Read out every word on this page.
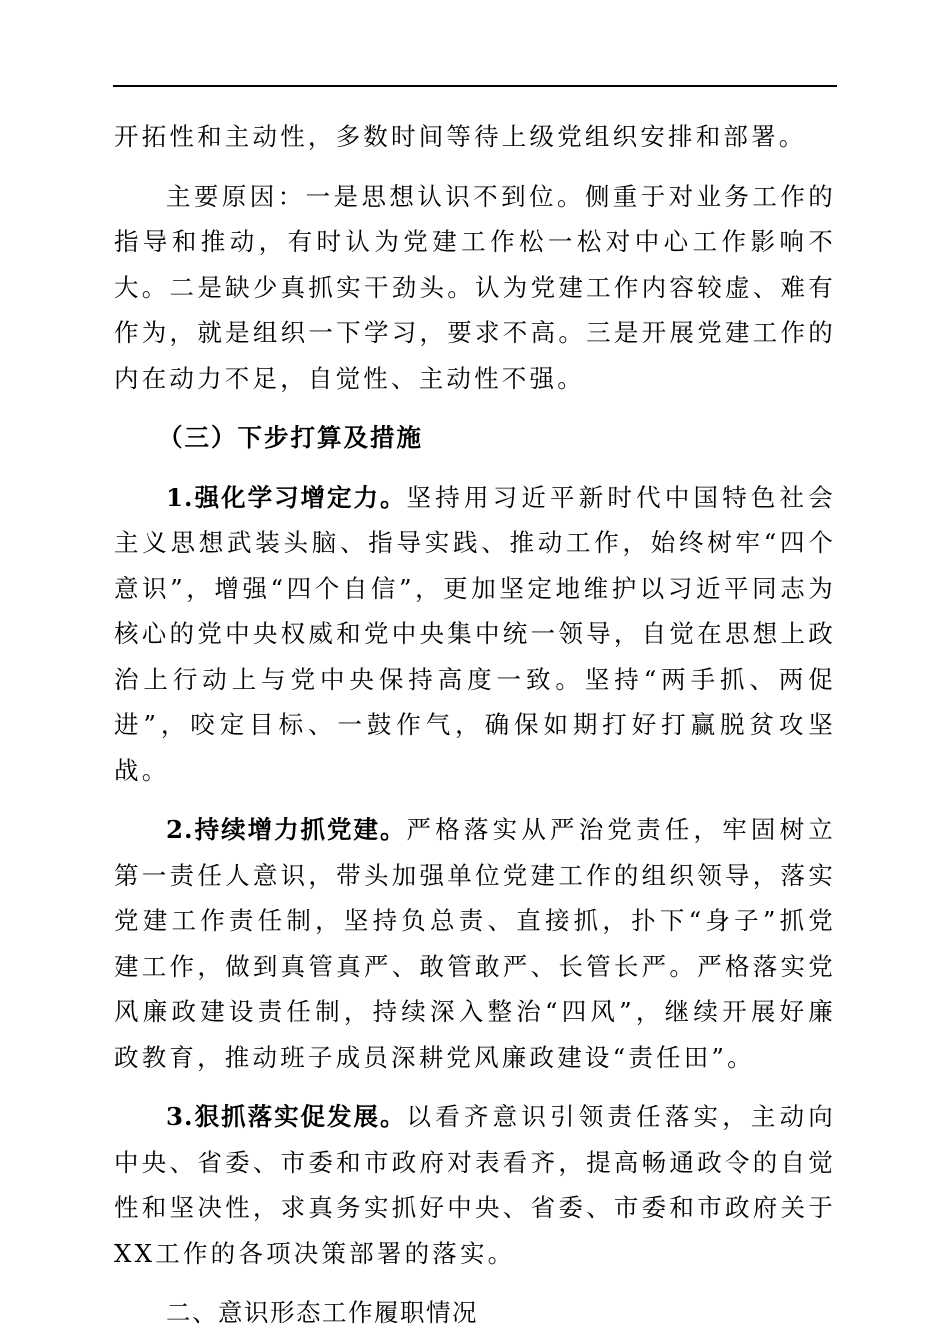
开拓性和主动性，多数时间等待上级党组织安排和部署。

主要原因：一是思想认识不到位。侧重于对业务工作的指导和推动，有时认为党建工作松一松对中心工作影响不大。二是缺少真抓实干劲头。认为党建工作内容较虚、难有作为，就是组织一下学习，要求不高。三是开展党建工作的内在动力不足，自觉性、主动性不强。

（三）下步打算及措施

1.强化学习增定力。坚持用习近平新时代中国特色社会主义思想武装头脑、指导实践、推动工作，始终树牢“四个意识”，增强“四个自信”，更加坚定地维护以习近平同志为核心的党中央权威和党中央集中统一领导，自觉在思想上政治上行动上与党中央保持高度一致。坚持“两手抓、两促进”，咬定目标、一鼓作气，确保如期打好打赢脱贫攻坚战。

2.持续增力抓党建。严格落实从严治党责任，牢固树立第一责任人意识，带头加强单位党建工作的组织领导，落实党建工作责任制，坚持负总责、直接抓，扑下“身子”抓党建工作，做到真管真严、敢管敢严、长管长严。严格落实党风廉政建设责任制，持续深入整治“四风”，继续开展好廉政教育，推动班子成员深耕党风廉政建设“责任田”。

3.狠抓落实促发展。以看齐意识引领责任落实，主动向中央、省委、市委和市政府对表看齐，提高畅通政令的自觉性和坚决性，求真务实抓好中央、省委、市委和市政府关于XX工作的各项决策部署的落实。

二、意识形态工作履职情况
